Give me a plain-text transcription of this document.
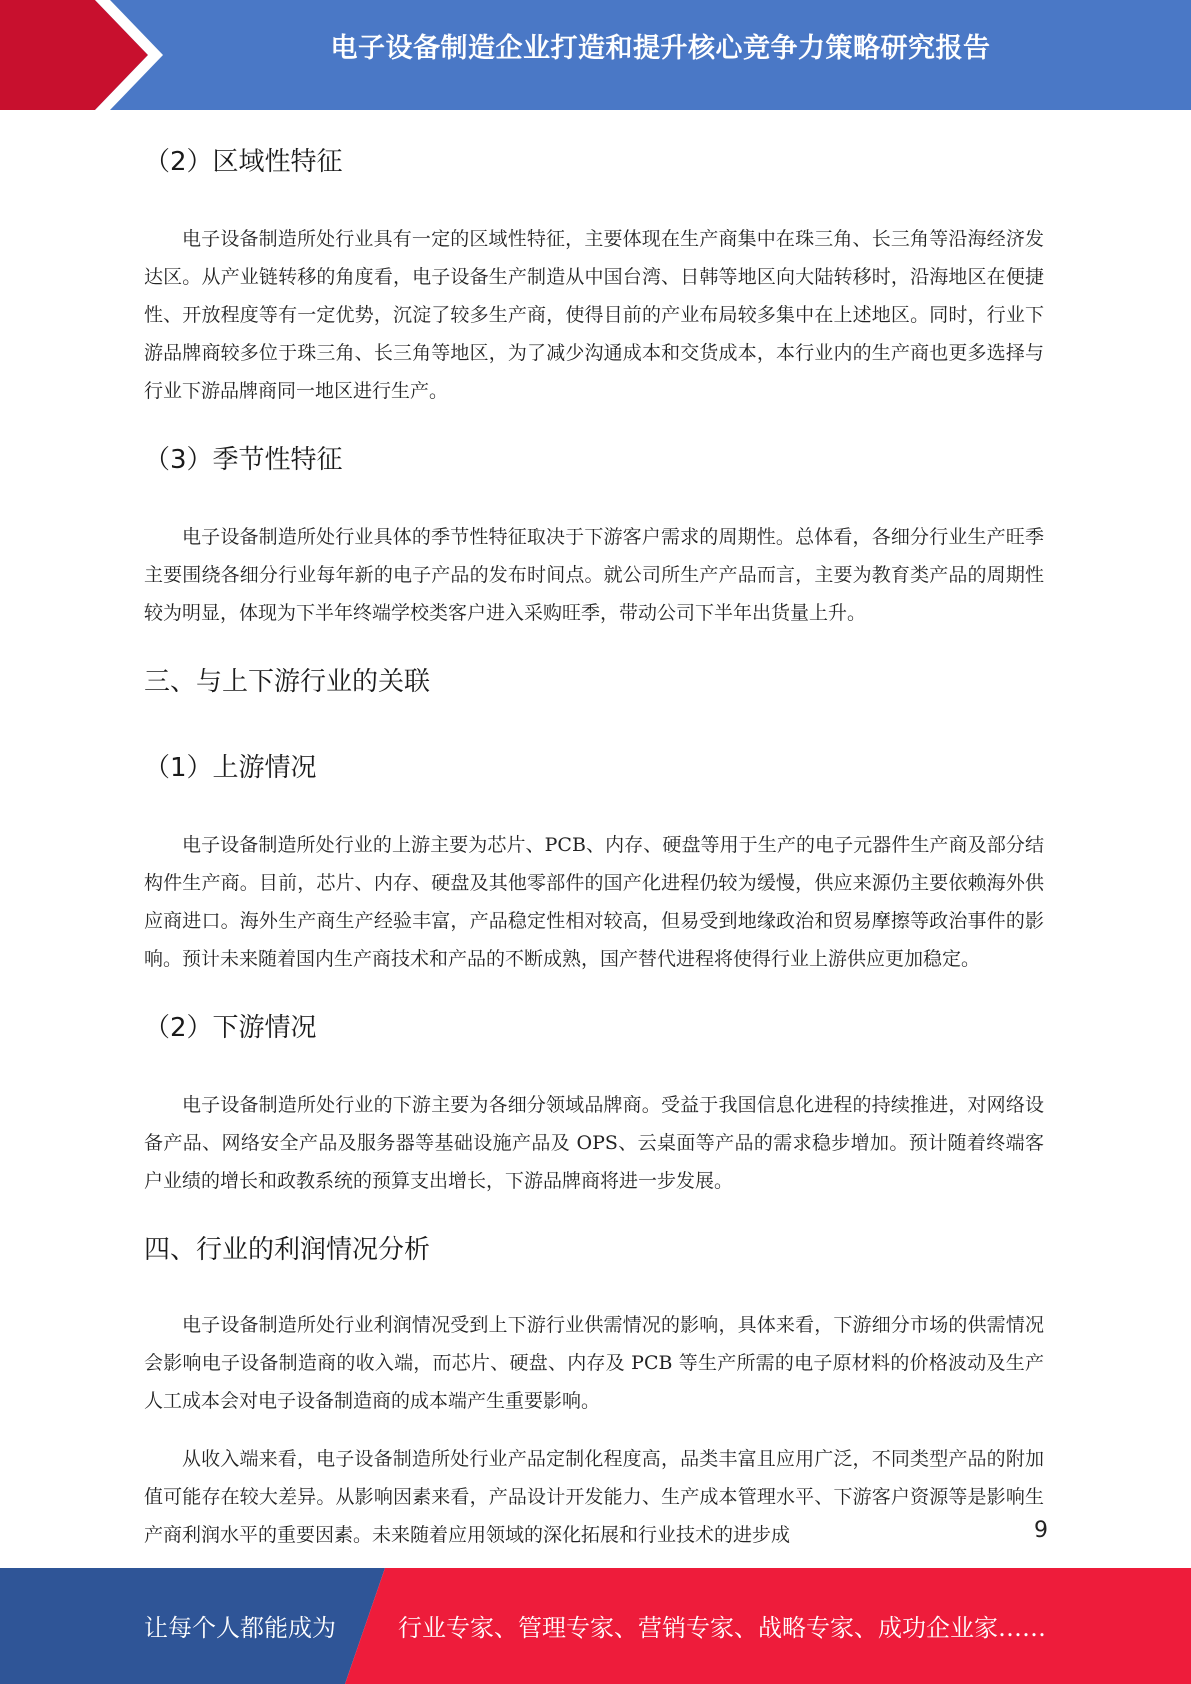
电子设备制造企业打造和提升核心竞争力策略研究报告
（2）区域性特征

电子设备制造所处行业具有一定的区域性特征，主要体现在生产商集中在珠三角、长三角等沿海经济发达区。从产业链转移的角度看，电子设备生产制造从中国台湾、日韩等地区向大陆转移时，沿海地区在便捷性、开放程度等有一定优势，沉淀了较多生产商，使得目前的产业布局较多集中在上述地区。同时，行业下游品牌商较多位于珠三角、长三角等地区，为了减少沟通成本和交货成本，本行业内的生产商也更多选择与行业下游品牌商同一地区进行生产。

（3）季节性特征

电子设备制造所处行业具体的季节性特征取决于下游客户需求的周期性。总体看，各细分行业生产旺季主要围绕各细分行业每年新的电子产品的发布时间点。就公司所生产产品而言，主要为教育类产品的周期性较为明显，体现为下半年终端学校类客户进入采购旺季，带动公司下半年出货量上升。

三、与上下游行业的关联
（1）上游情况

电子设备制造所处行业的上游主要为芯片、PCB、内存、硬盘等用于生产的电子元器件生产商及部分结构件生产商。目前，芯片、内存、硬盘及其他零部件的国产化进程仍较为缓慢，供应来源仍主要依赖海外供应商进口。海外生产商生产经验丰富，产品稳定性相对较高，但易受到地缘政治和贸易摩擦等政治事件的影响。预计未来随着国内生产商技术和产品的不断成熟，国产替代进程将使得行业上游供应更加稳定。

（2）下游情况

电子设备制造所处行业的下游主要为各细分领域品牌商。受益于我国信息化进程的持续推进，对网络设备产品、网络安全产品及服务器等基础设施产品及 OPS、云桌面等产品的需求稳步增加。预计随着终端客户业绩的增长和政教系统的预算支出增长，下游品牌商将进一步发展。

四、行业的利润情况分析

电子设备制造所处行业利润情况受到上下游行业供需情况的影响，具体来看，下游细分市场的供需情况会影响电子设备制造商的收入端，而芯片、硬盘、内存及 PCB 等生产所需的电子原材料的价格波动及生产人工成本会对电子设备制造商的成本端产生重要影响。

从收入端来看，电子设备制造所处行业产品定制化程度高，品类丰富且应用广泛，不同类型产品的附加值可能存在较大差异。从影响因素来看，产品设计开发能力、生产成本管理水平、下游客户资源等是影响生产商利润水平的重要因素。未来随着应用领域的深化拓展和行业技术的进步成	9
让每个人都能成为	行业专家、管理专家、营销专家、战略专家、成功企业家……
